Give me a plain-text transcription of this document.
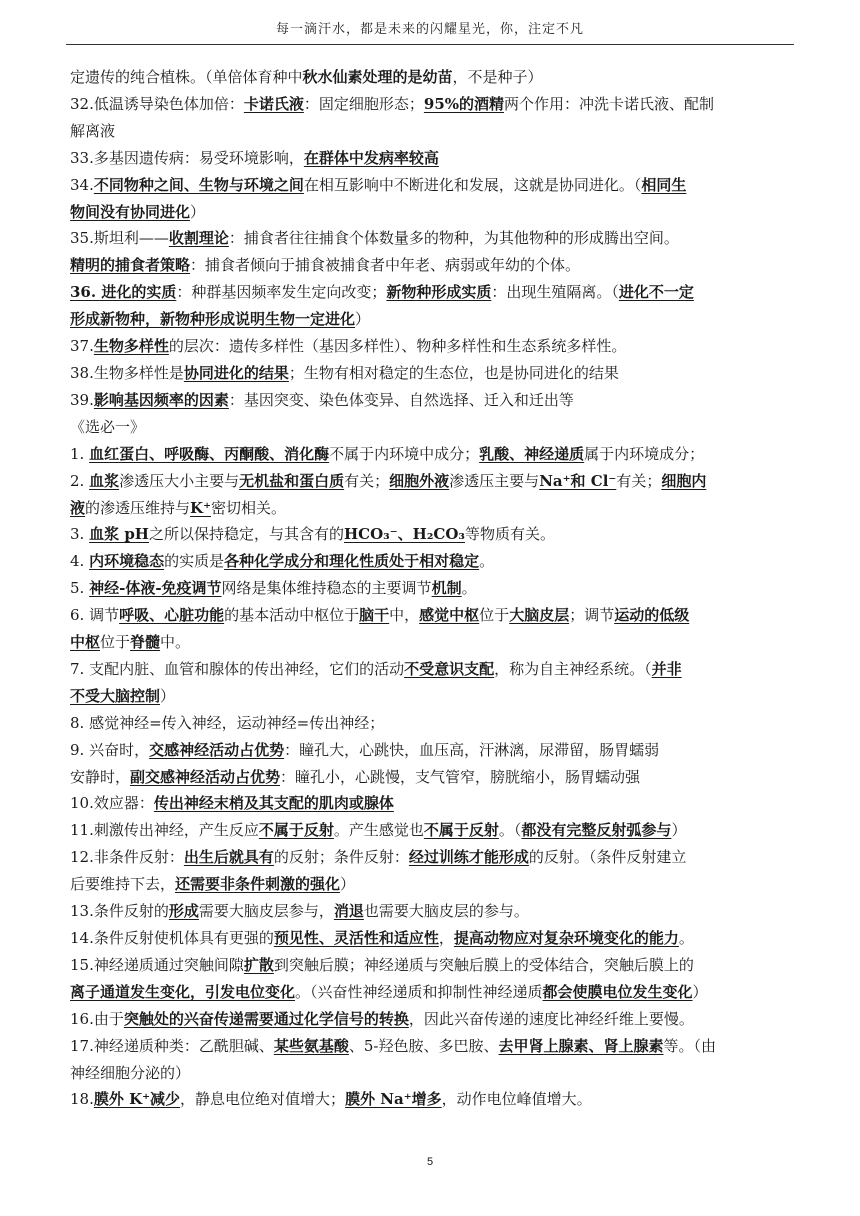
每一滴汗水，都是未来的闪耀星光，你，注定不凡
定遗传的纯合植株。（单倍体育种中秋水仙素处理的是幼苗，不是种子）
32.低温诱导染色体加倍：卡诺氏液：固定细胞形态；95%的酒精两个作用：冲洗卡诺氏液、配制
解离液
33.多基因遗传病：易受环境影响，在群体中发病率较高
34.不同物种之间、生物与环境之间在相互影响中不断进化和发展，这就是协同进化。（相同生
物间没有协同进化）
35.斯坦利——收割理论：捕食者往往捕食个体数量多的物种，为其他物种的形成腾出空间。
精明的捕食者策略：捕食者倾向于捕食被捕食者中年老、病弱或年幼的个体。
36. 进化的实质：种群基因频率发生定向改变；新物种形成实质：出现生殖隔离。（进化不一定
形成新物种，新物种形成说明生物一定进化）
37.生物多样性的层次：遗传多样性（基因多样性）、物种多样性和生态系统多样性。
38.生物多样性是协同进化的结果；生物有相对稳定的生态位，也是协同进化的结果
39.影响基因频率的因素：基因突变、染色体变异、自然选择、迁入和迁出等
《选必一》
1. 血红蛋白、呼吸酶、丙酮酸、消化酶不属于内环境中成分；乳酸、神经递质属于内环境成分；
2. 血浆渗透压大小主要与无机盐和蛋白质有关；细胞外液渗透压主要与Na⁺和 Cl⁻有关；细胞内
液的渗透压维持与K⁺密切相关。
3. 血浆 pH之所以保持稳定，与其含有的HCO₃⁻、H₂CO₃等物质有关。
4. 内环境稳态的实质是各种化学成分和理化性质处于相对稳定。
5. 神经-体液-免疫调节网络是集体维持稳态的主要调节机制。
6. 调节呼吸、心脏功能的基本活动中枢位于脑干中，感觉中枢位于大脑皮层；调节运动的低级
中枢位于脊髓中。
7. 支配内脏、血管和腺体的传出神经，它们的活动不受意识支配，称为自主神经系统。（并非
不受大脑控制）
8. 感觉神经=传入神经，运动神经=传出神经；
9. 兴奋时，交感神经活动占优势：瞳孔大，心跳快，血压高，汗淋漓，尿滞留，肠胃蠕弱
安静时，副交感神经活动占优势：瞳孔小，心跳慢，支气管窄，膀胱缩小，肠胃蠕动强
10.效应器：传出神经末梢及其支配的肌肉或腺体
11.刺激传出神经，产生反应不属于反射。产生感觉也不属于反射。（都没有完整反射弧参与）
12.非条件反射：出生后就具有的反射；条件反射：经过训练才能形成的反射。（条件反射建立
后要维持下去，还需要非条件刺激的强化）
13.条件反射的形成需要大脑皮层参与，消退也需要大脑皮层的参与。
14.条件反射使机体具有更强的预见性、灵活性和适应性，提高动物应对复杂环境变化的能力。
15.神经递质通过突触间隙扩散到突触后膜；神经递质与突触后膜上的受体结合，突触后膜上的
离子通道发生变化，引发电位变化。（兴奋性神经递质和抑制性神经递质都会使膜电位发生变化）
16.由于突触处的兴奋传递需要通过化学信号的转换，因此兴奋传递的速度比神经纤维上要慢。
17.神经递质种类：乙酰胆碱、某些氨基酸、5-羟色胺、多巴胺、去甲肾上腺素、肾上腺素等。（由
神经细胞分泌的）
18.膜外 K⁺减少，静息电位绝对值增大；膜外 Na⁺增多，动作电位峰值增大。
5
